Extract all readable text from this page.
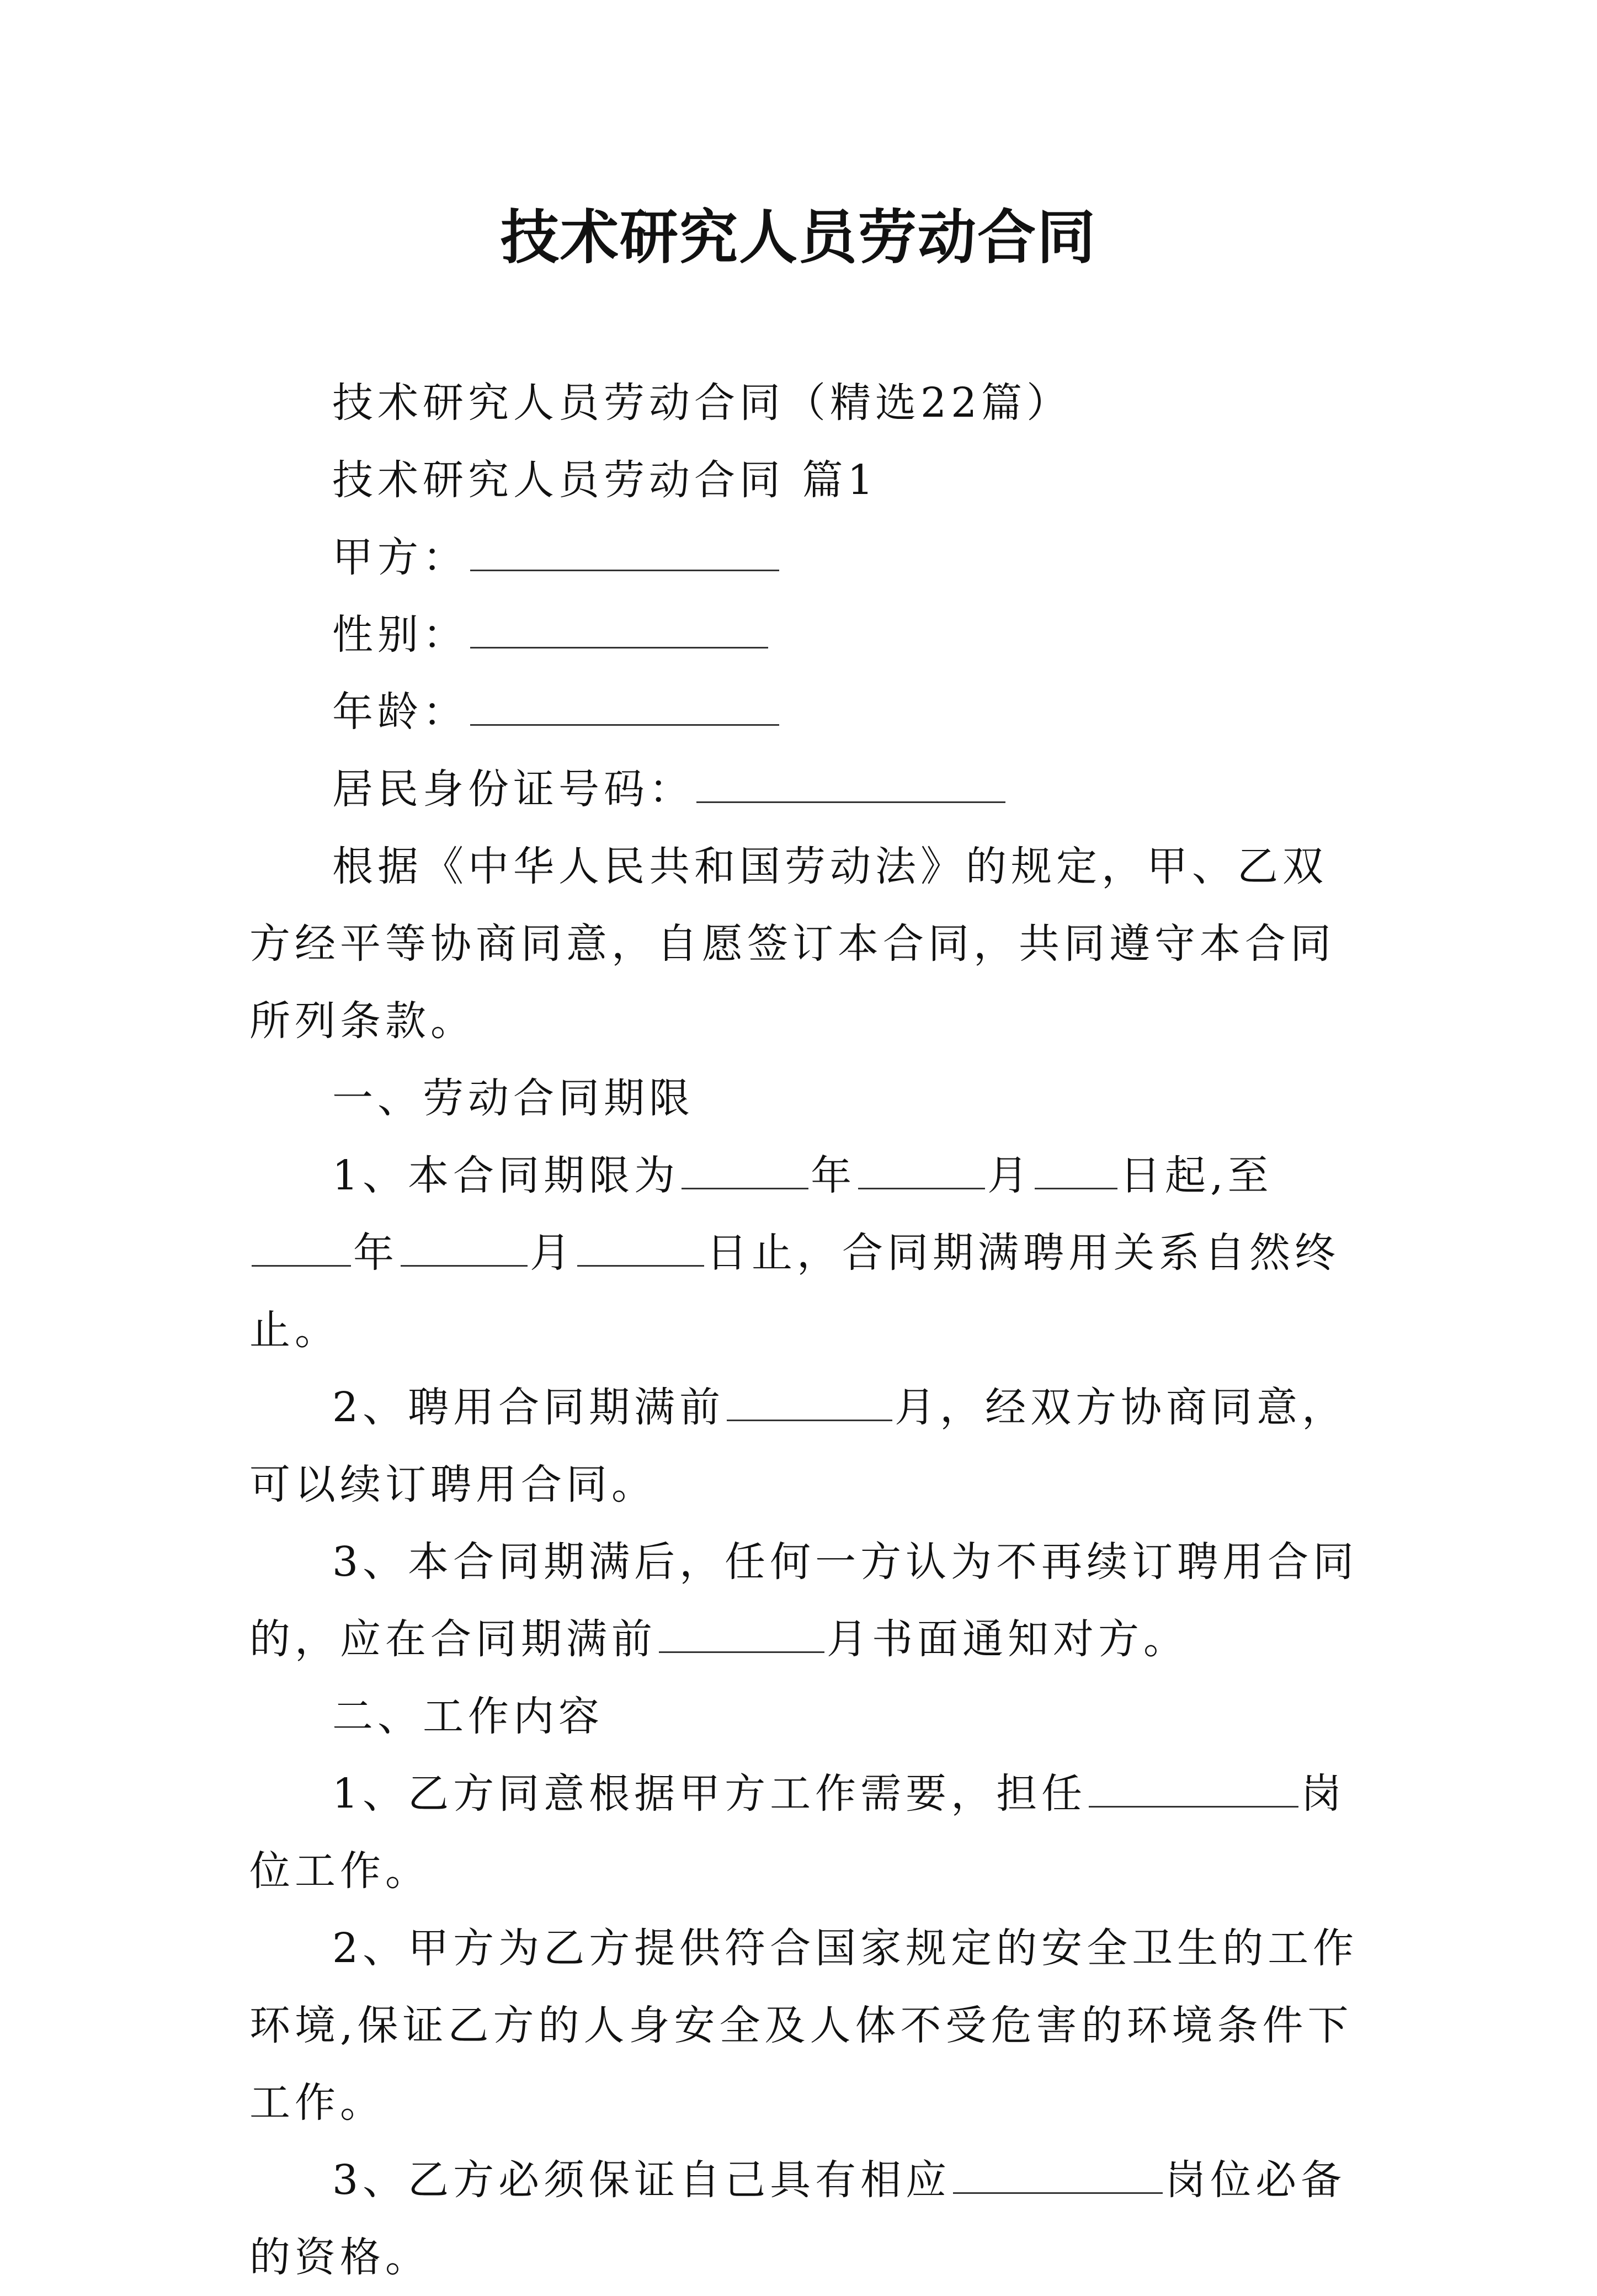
技术研究人员劳动合同

技术研究人员劳动合同（精选22篇）

技术研究人员劳动合同 篇1

甲方：

性别：

年龄：

居民身份证号码：

根据《中华人民共和国劳动法》的规定，甲、乙双方经平等协商同意，自愿签订本合同，共同遵守本合同所列条款。

一、劳动合同期限

1、本合同期限为	年	月 日起,至年	月	日止，合同期满聘用关系自然终止。

2、聘用合同期满前	月，经双方协商同意，可以续订聘用合同。

3、本合同期满后，任何一方认为不再续订聘用合同的，应在合同期满前	月书面通知对方。

二、工作内容

1、乙方同意根据甲方工作需要，担任	岗位工作。

2、甲方为乙方提供符合国家规定的安全卫生的工作环境,保证乙方的人身安全及人体不受危害的环境条件下工作。

3、乙方必须保证自己具有相应	岗位必备的资格。
